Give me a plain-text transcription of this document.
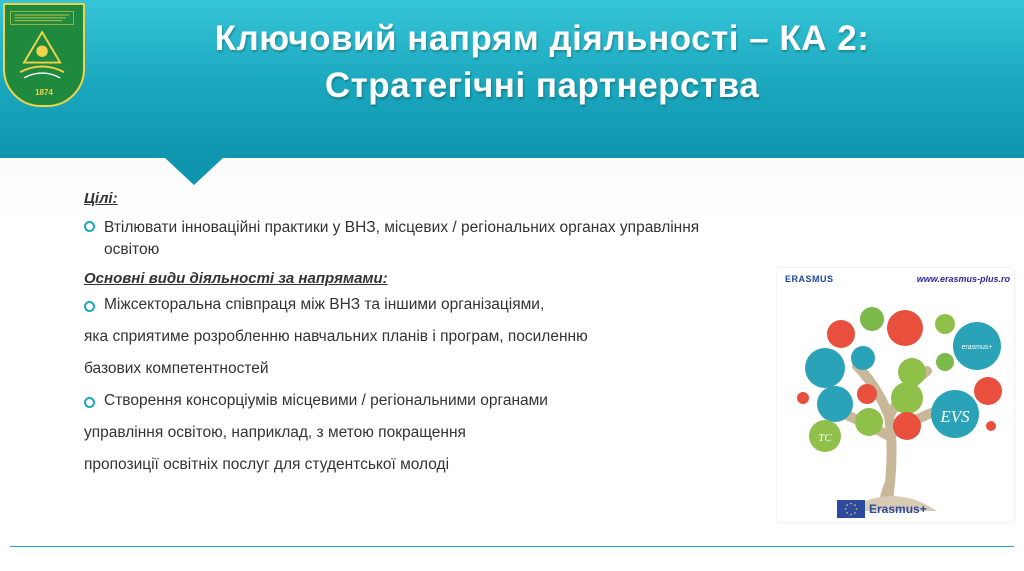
1874
Ключовий напрям діяльності – КА 2:
Стратегічні партнерства

Цілі:

Втілювати інноваційні практики у ВНЗ, місцевих / регіональних органах управління
освітою

Основні види діяльності за напрямами:

Міжсекторальна співпраця між ВНЗ та іншими організаціями,
яка сприятиме розробленню навчальних планів і програм, посиленню
базових компетентностей
Створення консорціумів місцевими / регіональними органами
управління освітою, наприклад, з метою покращення
пропозиції освітніх послуг для студентської молоді
ERASMUS	www.erasmus-plus.ro
EVS
TC
erasmus+
Erasmus+
